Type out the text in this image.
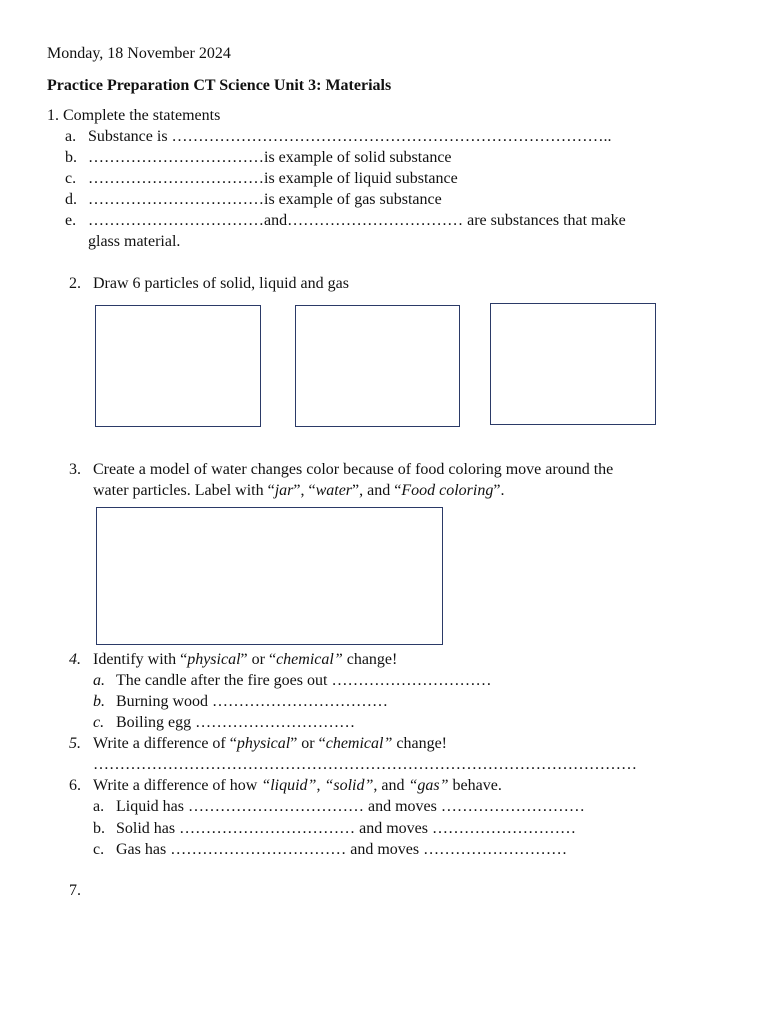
Monday, 18 November 2024
Practice Preparation CT Science Unit 3: Materials
1. Complete the statements
a. Substance is ………………………………………………………………………..
b. ……………………………is example of solid substance
c. ……………………………is example of liquid substance
d. ……………………………is example of gas substance
e. ……………………………and…………………………… are substances that make
glass material.
2. Draw 6 particles of solid, liquid and gas
3. Create a model of water changes color because of food coloring move around the
water particles. Label with “jar”, “water”, and “Food coloring”.
4. Identify with “physical” or “chemical” change!
a. The candle after the fire goes out …………………………
b. Burning wood ……………………………
c. Boiling egg …………………………
5. Write a difference of “physical” or “chemical” change!
…………………………………………………………………………………………
6. Write a difference of how “liquid”, “solid”, and “gas” behave.
a. Liquid has …………………………… and moves ………………………
b. Solid has …………………………… and moves ………………………
c. Gas has …………………………… and moves ………………………
7.
